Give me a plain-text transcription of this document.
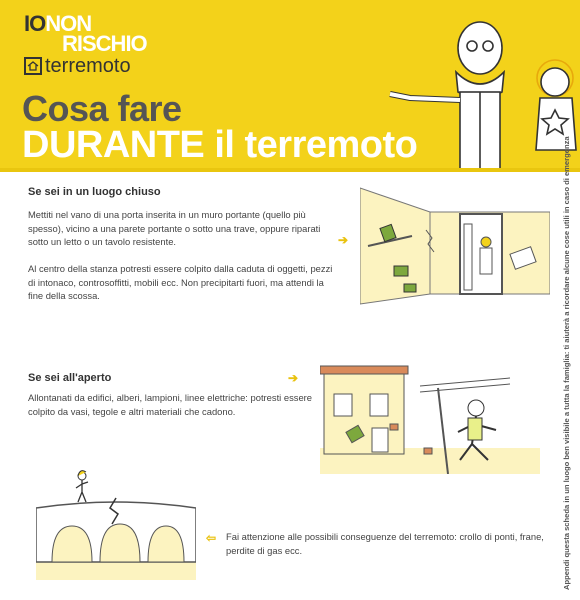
IONON
RISCHIO
terremoto
Cosa fare
DURANTE il terremoto	Appendi questa scheda in un luogo ben visibile a tutta la famiglia: ti aiuterà a ricordare alcune cose utili in caso di emergenza
Se sei in un luogo chiuso
Mettiti nel vano di una porta inserita in un muro portante (quello più spesso), vicino a una parete portante o sotto una trave, oppure riparati sotto un letto o un tavolo resistente.
Al centro della stanza potresti essere colpito dalla caduta di oggetti, pezzi di intonaco, controsoffitti, mobili ecc. Non precipitarti fuori, ma attendi la fine della scossa.
➔
Se sei all'aperto
Allontanati da edifici, alberi, lampioni, linee elettriche: potresti essere colpito da vasi, tegole e altri materiali che cadono.
➔
Fai attenzione alle possibili conseguenze del terremoto: crollo di ponti, frane, perdite di gas ecc.
⇦
